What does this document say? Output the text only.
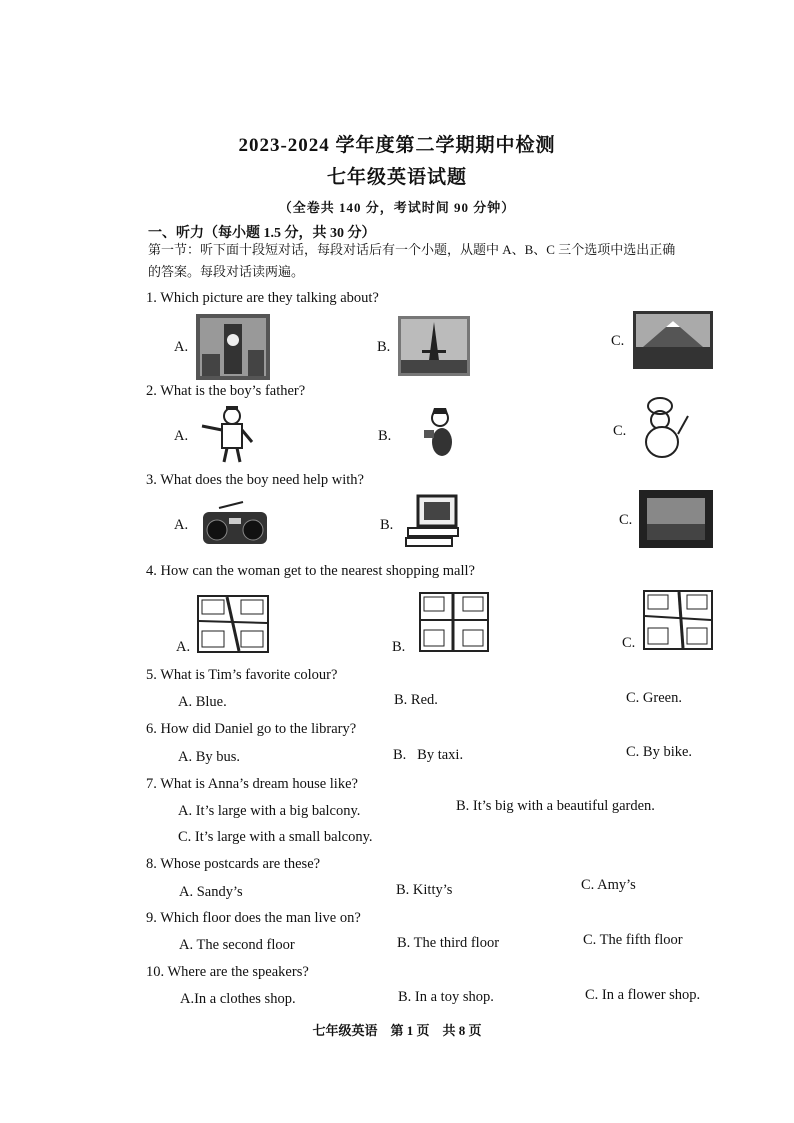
2023-2024 学年度第二学期期中检测
七年级英语试题
（全卷共 140 分，考试时间 90 分钟）
一、听力（每小题 1.5 分，共 30 分）
第一节：听下面十段短对话，每段对话后有一个小题，从题中 A、B、C 三个选项中选出正确
的答案。每段对话读两遍。
1. Which picture are they talking about?
A.	B.	C.
2. What is the boy’s father?
A.	B.	C.
3. What does the boy need help with?
A.	B.	C.
4. How can the woman get to the nearest shopping mall?
A.	B.	C.
5. What is Tim’s favorite colour?
A. Blue.	B. Red.	C. Green.
6. How did Daniel go to the library?
A. By bus.	B.   By taxi.	C. By bike.
7. What is Anna’s dream house like?
A. It’s large with a big balcony.	B. It’s big with a beautiful garden.
C. It’s large with a small balcony.
8. Whose postcards are these?
A. Sandy’s	B. Kitty’s	C. Amy’s
9. Which floor does the man live on?
A. The second floor	B. The third floor	C. The fifth floor
10. Where are the speakers?
A.In a clothes shop.	B. In a toy shop.	C. In a flower shop.
七年级英语　第 1 页　共 8 页
